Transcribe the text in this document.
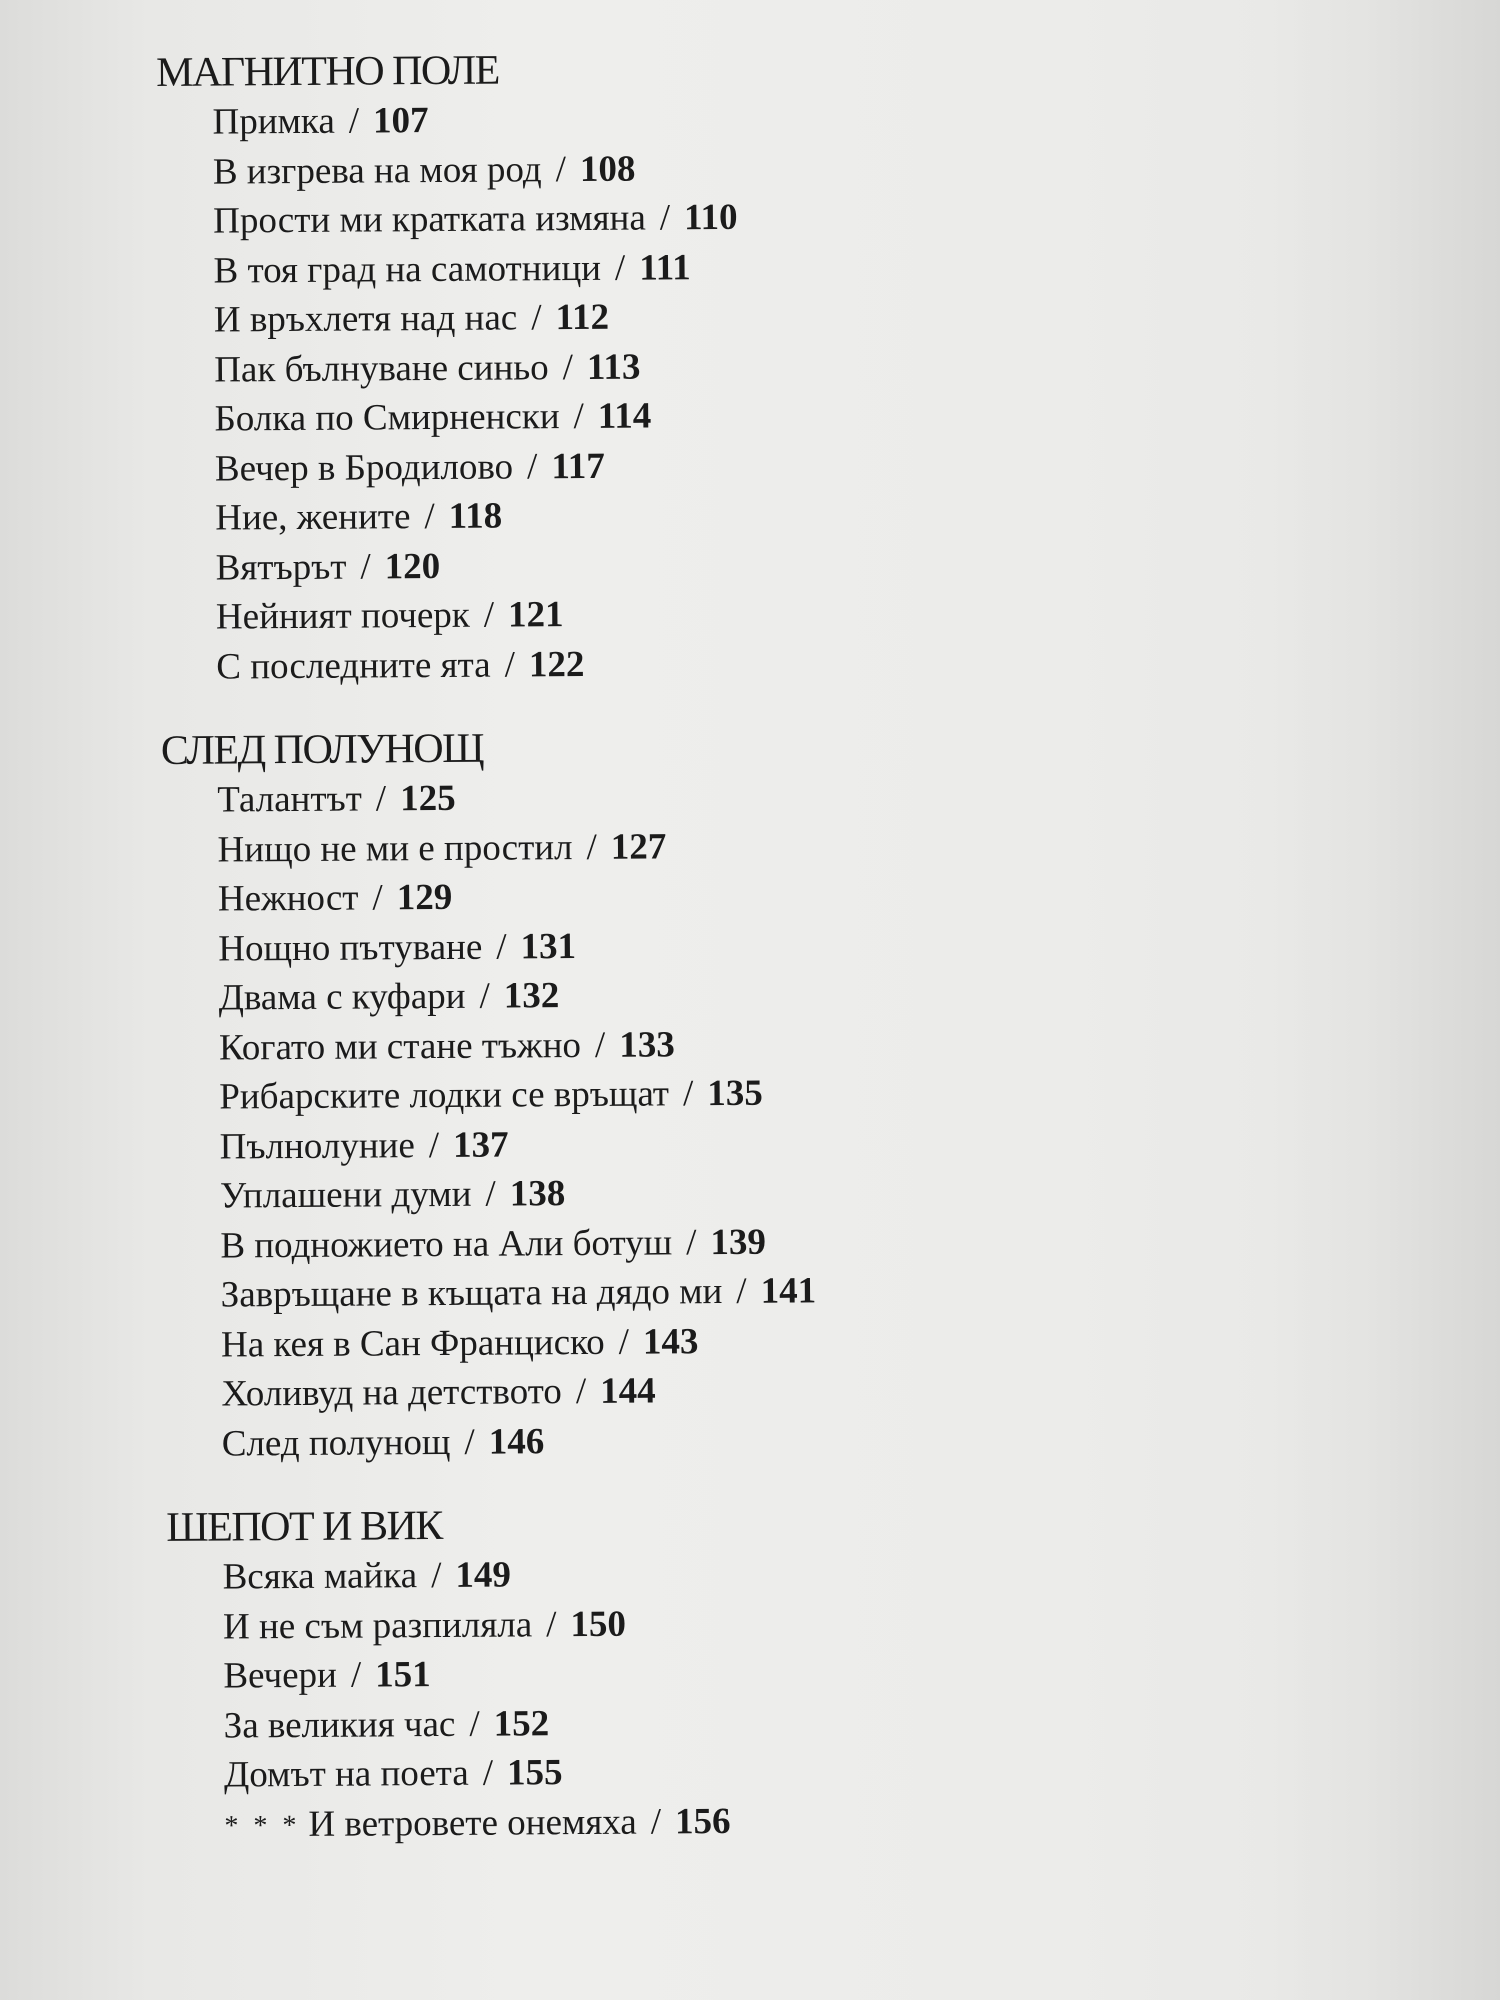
МАГНИТНО ПОЛЕ
Примка / 107
В изгрева на моя род / 108
Прости ми кратката измяна / 110
В тоя град на самотници / 111
И връхлетя над нас / 112
Пак бълнуване синьо / 113
Болка по Смирненски / 114
Вечер в Бродилово / 117
Ние, жените / 118
Вятърът / 120
Нейният почерк / 121
С последните ята / 122
СЛЕД ПОЛУНОЩ
Талантът / 125
Нищо не ми е простил / 127
Нежност / 129
Нощно пътуване / 131
Двама с куфари / 132
Когато ми стане тъжно / 133
Рибарските лодки се връщат / 135
Пълнолуние / 137
Уплашени думи / 138
В подножието на Али ботуш / 139
Завръщане в къщата на дядо ми / 141
На кея в Сан Франциско / 143
Холивуд на детството / 144
След полунощ / 146
ШЕПОТ И ВИК
Всяка майка / 149
И не съм разпиляла / 150
Вечери / 151
За великия час / 152
Домът на поета / 155
* * * И ветровете онемяха / 156
